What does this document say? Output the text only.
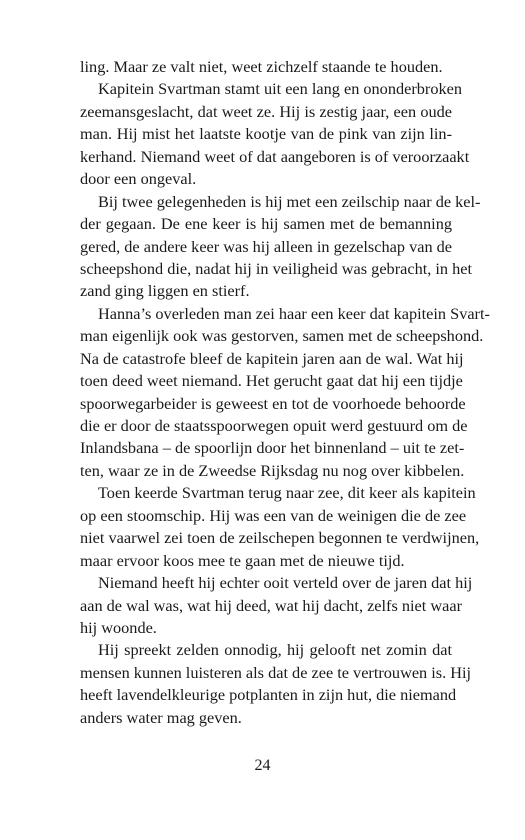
ling. Maar ze valt niet, weet zichzelf staande te houden.
Kapitein Svartman stamt uit een lang en ononderbroken
zeemansgeslacht, dat weet ze. Hij is zestig jaar, een oude
man. Hij mist het laatste kootje van de pink van zijn lin-
kerhand. Niemand weet of dat aangeboren is of veroorzaakt
door een ongeval.
Bij twee gelegenheden is hij met een zeilschip naar de kel-
der gegaan. De ene keer is hij samen met de bemanning
gered, de andere keer was hij alleen in gezelschap van de
scheepshond die, nadat hij in veiligheid was gebracht, in het
zand ging liggen en stierf.
Hanna’s overleden man zei haar een keer dat kapitein Svart-
man eigenlijk ook was gestorven, samen met de scheepshond.
Na de catastrofe bleef de kapitein jaren aan de wal. Wat hij
toen deed weet niemand. Het gerucht gaat dat hij een tijdje
spoorwegarbeider is geweest en tot de voorhoede behoorde
die er door de staatsspoorwegen opuit werd gestuurd om de
Inlandsbana – de spoorlijn door het binnenland – uit te zet-
ten, waar ze in de Zweedse Rijksdag nu nog over kibbelen.
Toen keerde Svartman terug naar zee, dit keer als kapitein
op een stoomschip. Hij was een van de weinigen die de zee
niet vaarwel zei toen de zeilschepen begonnen te verdwijnen,
maar ervoor koos mee te gaan met de nieuwe tijd.
Niemand heeft hij echter ooit verteld over de jaren dat hij
aan de wal was, wat hij deed, wat hij dacht, zelfs niet waar
hij woonde.
Hij spreekt zelden onnodig, hij gelooft net zomin dat
mensen kunnen luisteren als dat de zee te vertrouwen is. Hij
heeft lavendelkleurige potplanten in zijn hut, die niemand
anders water mag geven.
24
